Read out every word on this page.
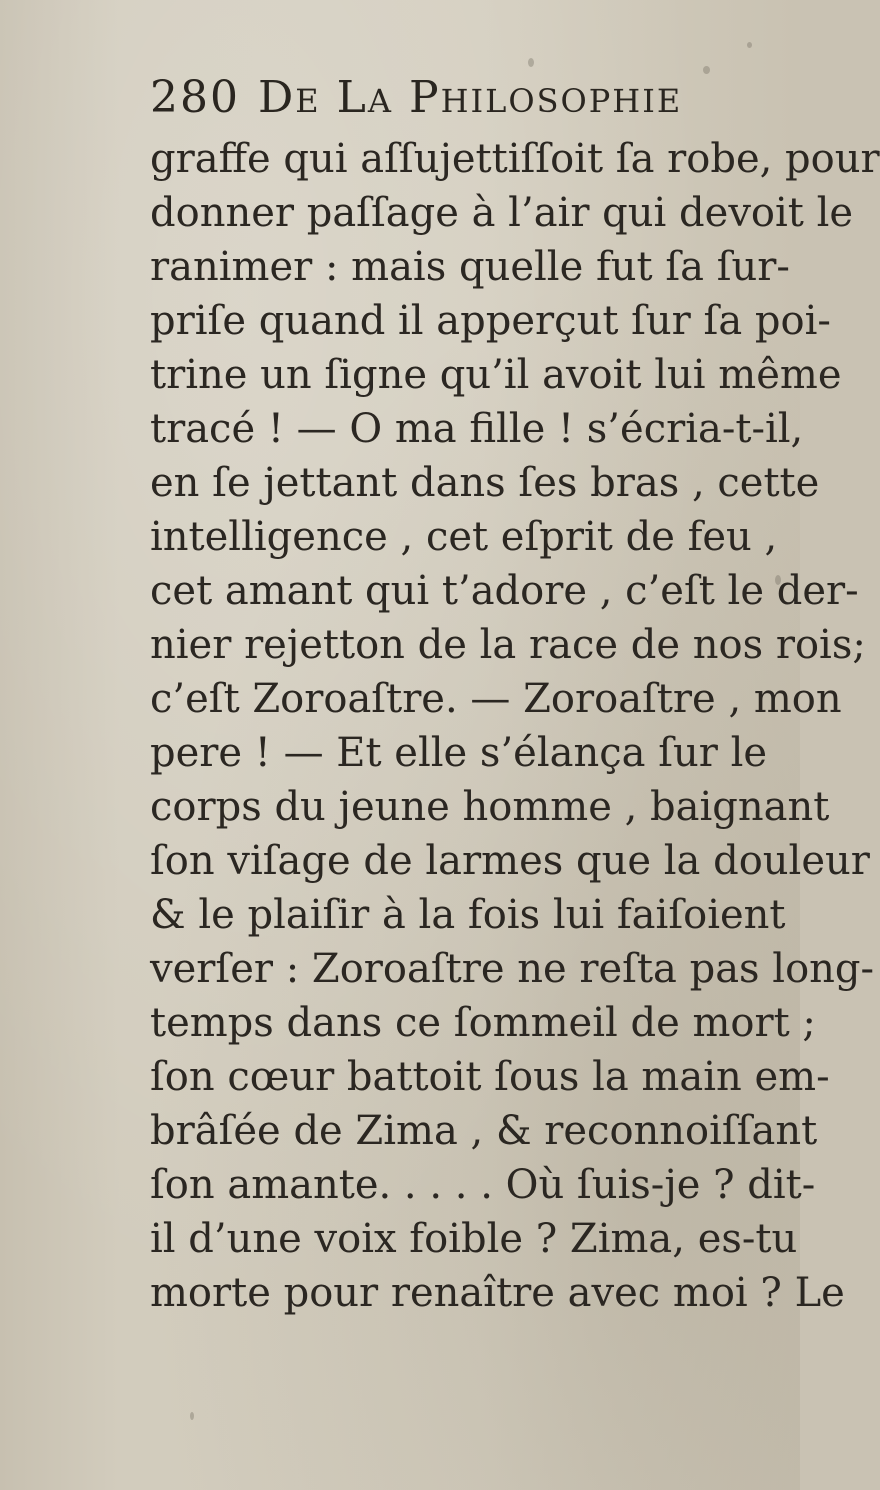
280 DE LA PHILOSOPHIE
graffe qui aſſujettiſſoit ſa robe, pour
donner paſſage à l’air qui devoit le
ranimer : mais quelle fut ſa ſur-
priſe quand il apperçut ſur ſa poi-
trine un ſigne qu’il avoit lui même
tracé ! — O ma fille ! s’écria-t-il,
en ſe jettant dans ſes bras , cette
intelligence , cet eſprit de feu ,
cet amant qui t’adore , c’eſt le der-
nier rejetton de la race de nos rois;
c’eſt Zoroaſtre. — Zoroaſtre , mon
pere ! — Et elle s’élança ſur le
corps du jeune homme , baignant
ſon viſage de larmes que la douleur
& le plaiſir à la fois lui faiſoient
verſer : Zoroaſtre ne reſta pas long-
temps dans ce ſommeil de mort ;
ſon cœur battoit ſous la main em-
brâſée de Zima , & reconnoiſſant
ſon amante. . . . . Où ſuis-je ? dit-
il d’une voix foible ? Zima, es-tu
morte pour renaître avec moi ? Le
